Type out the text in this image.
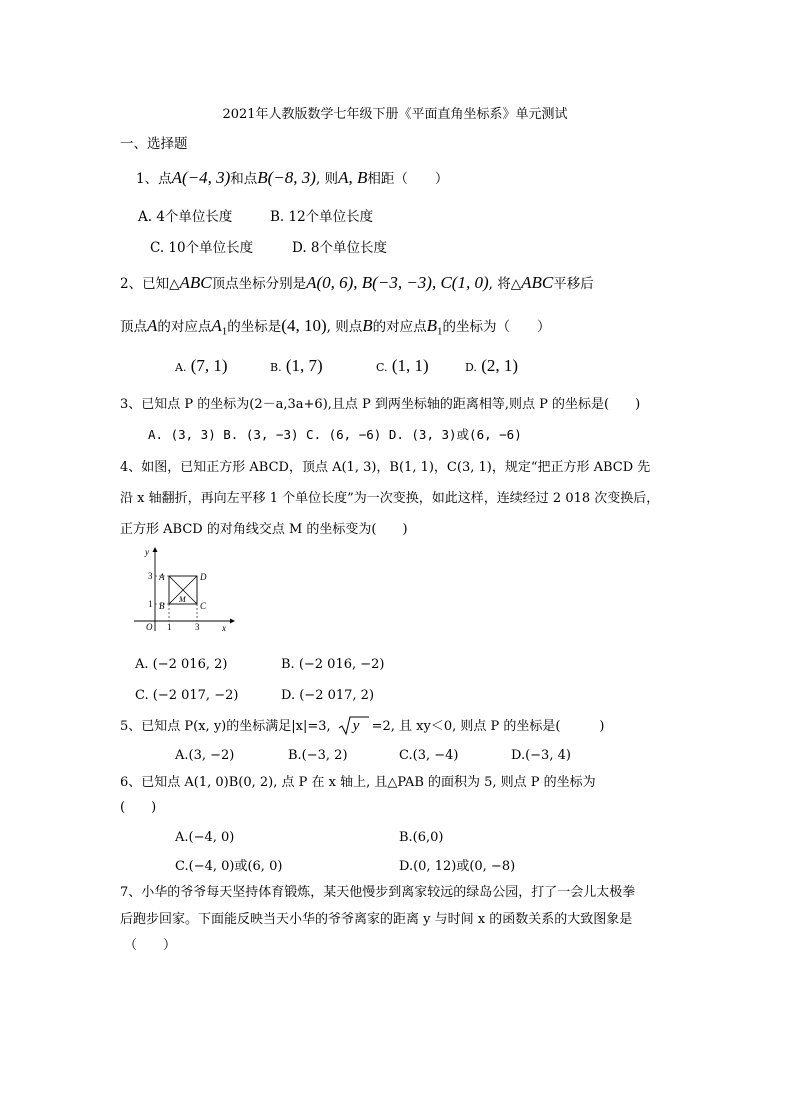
2021年人教版数学七年级下册《平面直角坐标系》单元测试
一、选择题
1、点A(−4, 3)和点B(−8, 3), 则A, B相距（　　）
A. 4个单位长度	B. 12个单位长度
C. 10个单位长度	D. 8个单位长度
2、已知△ABC顶点坐标分别是A(0, 6), B(−3, −3), C(1, 0), 将△ABC平移后
顶点A的对应点$A_1$的坐标是(4, 10), 则点B的对应点$B_1$的坐标为（　　）
A. (7, 1)	B. (1, 7)	C. (1, 1)	D. (2, 1)
3、已知点 P 的坐标为(2－a,3a+6),且点 P 到两坐标轴的距离相等,则点 P 的坐标是(　　)
A. (3, 3) B. (3, −3) C. (6, −6) D. (3, 3)或(6, −6)
4、如图，已知正方形 ABCD，顶点 A(1, 3)，B(1, 1)，C(3, 1)，规定“把正方形 ABCD 先
沿 x 轴翻折，再向左平移 1 个单位长度”为一次变换，如此这样，连续经过 2 018 次变换后，
正方形 ABCD 的对角线交点 M 的坐标变为(　　)
y
x
O
3
1
1	3
A
B	C
D
M
A. (−2 016, 2)	B. (−2 016, −2)
C. (−2 017, −2)	D. (−2 017, 2)
5、已知点 P(x, y)的坐标满足|x|=3, y =2, 且 xy＜0, 则点 P 的坐标是(　　　)
A.(3, −2)	B.(−3, 2)	C.(3, −4)	D.(−3, 4)
6、已知点 A(1, 0)B(0, 2), 点 P 在 x 轴上, 且△PAB 的面积为 5, 则点 P 的坐标为
(　　)
A.(−4, 0)	B.(6,0)
C.(−4, 0)或(6, 0)	D.(0, 12)或(0, −8)
7、小华的爷爷每天坚持体育锻炼，某天他慢步到离家较远的绿岛公园，打了一会儿太极拳
后跑步回家。下面能反映当天小华的爷爷离家的距离 y 与时间 x 的函数关系的大致图象是
（　　）
